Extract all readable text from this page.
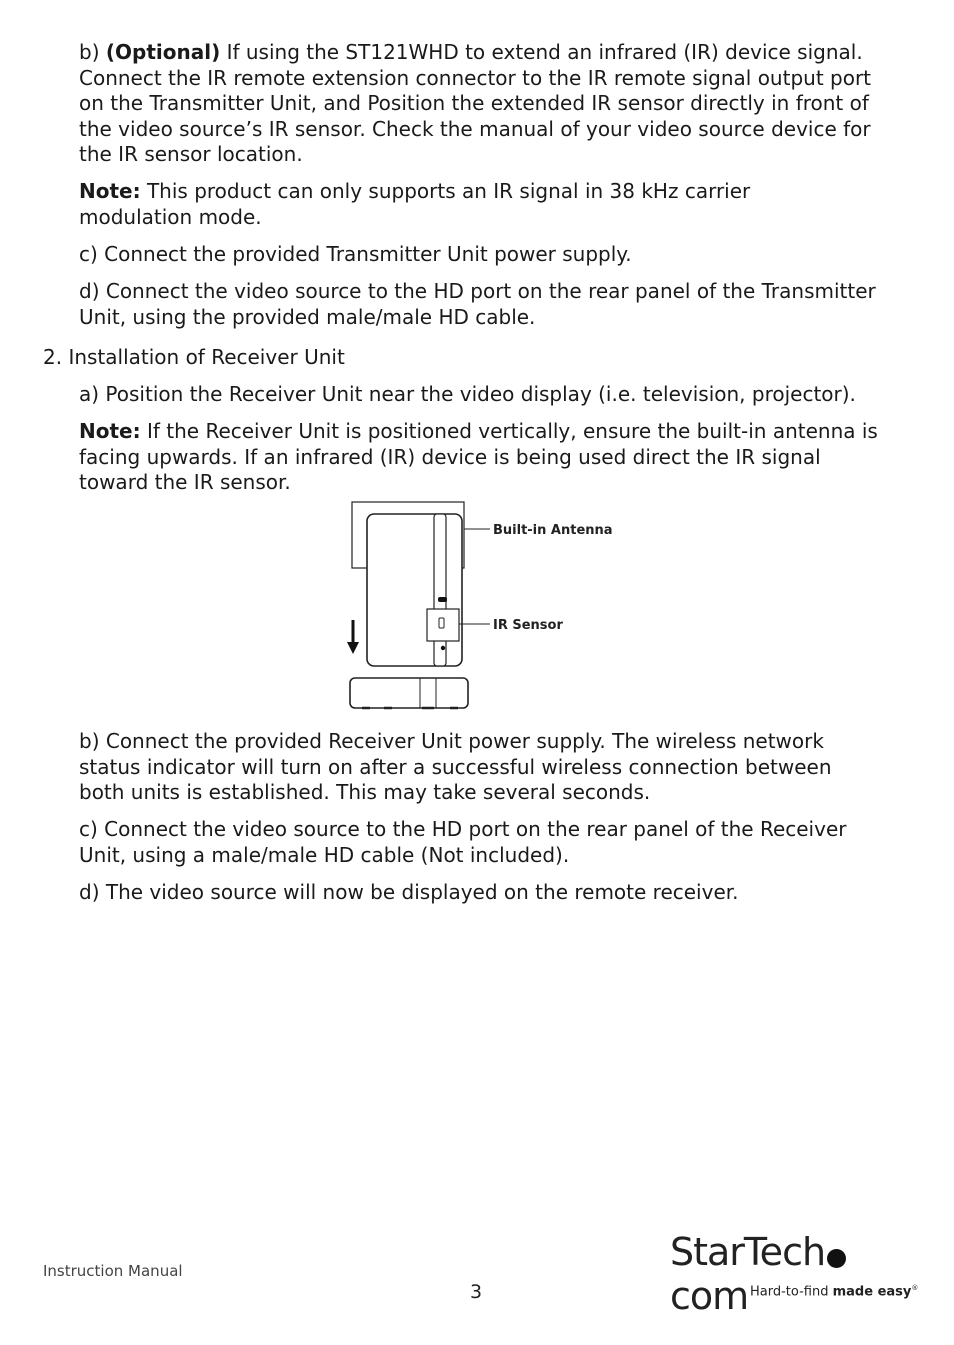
b) (Optional) If using the ST121WHD to extend an infrared (IR) device signal. Connect the IR remote extension connector to the IR remote signal output port on the Transmitter Unit, and Position the extended IR sensor directly in front of the video source’s IR sensor. Check the manual of your video source device for the IR sensor location.

Note: This product can only supports an IR signal in 38 kHz carrier modulation mode.

c) Connect the provided Transmitter Unit power supply.

d) Connect the video source to the HD port on the rear panel of the Transmitter Unit, using the provided male/male HD cable.

2. Installation of Receiver Unit

a) Position the Receiver Unit near the video display (i.e. television, projector).

Note: If the Receiver Unit is positioned vertically, ensure the built-in antenna is facing upwards. If an infrared (IR) device is being used direct the IR signal toward the IR sensor.

Built-in Antenna
IR Sensor

b) Connect the provided Receiver Unit power supply. The wireless network status indicator will turn on after a successful wireless connection between both units is established. This may take several seconds.

c) Connect the video source to the HD port on the rear panel of the Receiver Unit, using a male/male HD cable (Not included).

d) The video source will now be displayed on the remote receiver.

Instruction Manual
3
StarTechcom Hard-to-find made easy®
